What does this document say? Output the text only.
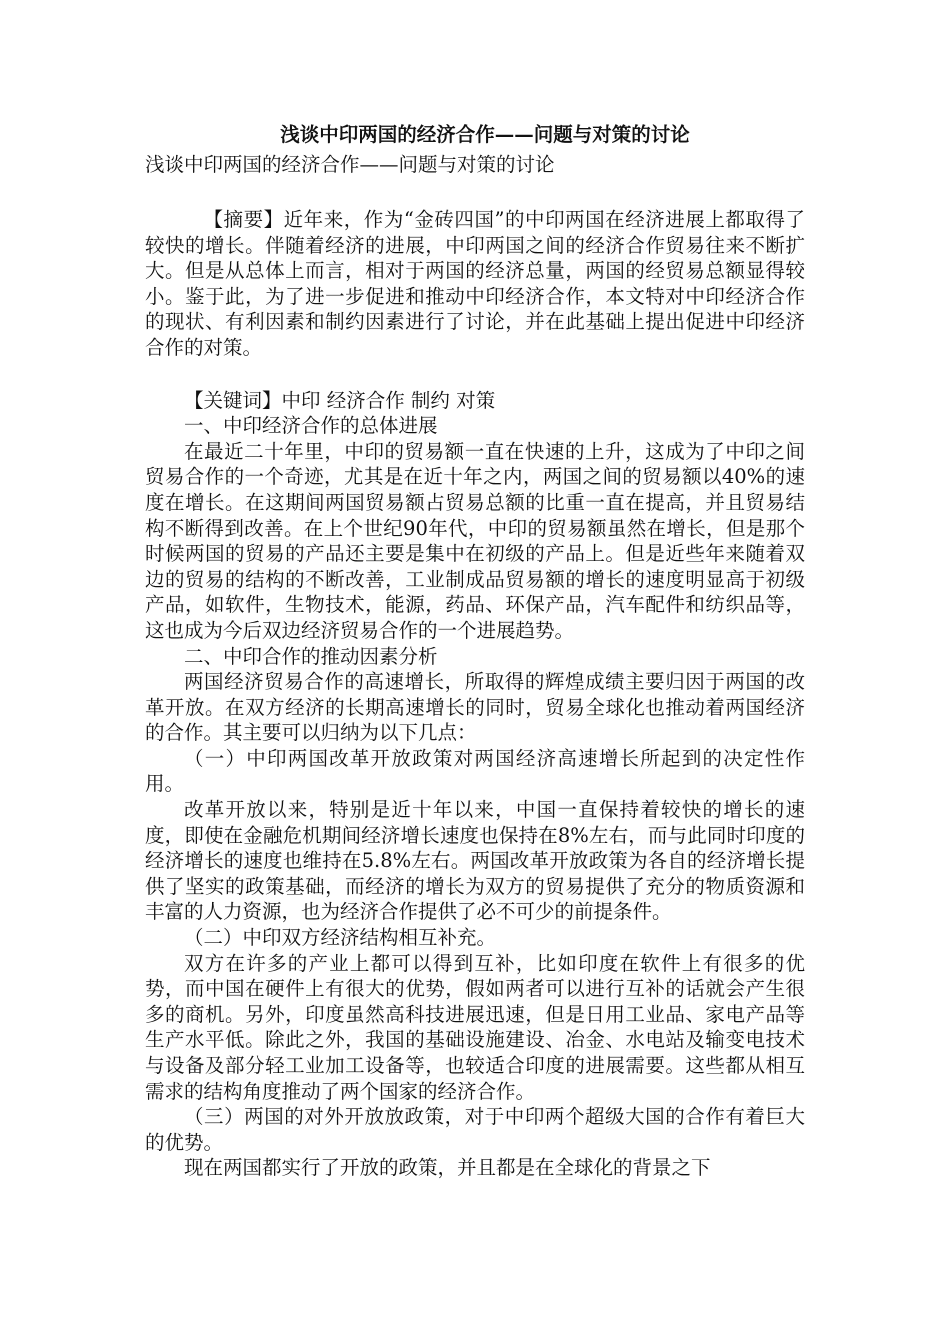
浅谈中印两国的经济合作——问题与对策的讨论

浅谈中印两国的经济合作——问题与对策的讨论

【摘要】近年来，作为“金砖四国”的中印两国在经济进展上都取得了较快的增长。伴随着经济的进展，中印两国之间的经济合作贸易往来不断扩大。但是从总体上而言，相对于两国的经济总量，两国的经贸易总额显得较小。鉴于此，为了进一步促进和推动中印经济合作，本文特对中印经济合作的现状、有利因素和制约因素进行了讨论，并在此基础上提出促进中印经济合作的对策。

【关键词】中印 经济合作 制约 对策

一、中印经济合作的总体进展

在最近二十年里，中印的贸易额一直在快速的上升，这成为了中印之间贸易合作的一个奇迹，尤其是在近十年之内，两国之间的贸易额以40%的速度在增长。在这期间两国贸易额占贸易总额的比重一直在提高，并且贸易结构不断得到改善。在上个世纪90年代，中印的贸易额虽然在增长，但是那个时候两国的贸易的产品还主要是集中在初级的产品上。但是近些年来随着双边的贸易的结构的不断改善，工业制成品贸易额的增长的速度明显高于初级产品，如软件，生物技术，能源，药品、环保产品，汽车配件和纺织品等，这也成为今后双边经济贸易合作的一个进展趋势。

二、中印合作的推动因素分析

两国经济贸易合作的高速增长，所取得的辉煌成绩主要归因于两国的改革开放。在双方经济的长期高速增长的同时，贸易全球化也推动着两国经济的合作。其主要可以归纳为以下几点：

（一）中印两国改革开放政策对两国经济高速增长所起到的决定性作用。

改革开放以来，特别是近十年以来，中国一直保持着较快的增长的速度，即使在金融危机期间经济增长速度也保持在8%左右，而与此同时印度的经济增长的速度也维持在5.8%左右。两国改革开放政策为各自的经济增长提供了坚实的政策基础，而经济的增长为双方的贸易提供了充分的物质资源和丰富的人力资源，也为经济合作提供了必不可少的前提条件。

（二）中印双方经济结构相互补充。

双方在许多的产业上都可以得到互补，比如印度在软件上有很多的优势，而中国在硬件上有很大的优势，假如两者可以进行互补的话就会产生很多的商机。另外，印度虽然高科技进展迅速，但是日用工业品、家电产品等生产水平低。除此之外，我国的基础设施建设、冶金、水电站及输变电技术与设备及部分轻工业加工设备等，也较适合印度的进展需要。这些都从相互需求的结构角度推动了两个国家的经济合作。

（三）两国的对外开放放政策，对于中印两个超级大国的合作有着巨大的优势。

现在两国都实行了开放的政策，并且都是在全球化的背景之下
